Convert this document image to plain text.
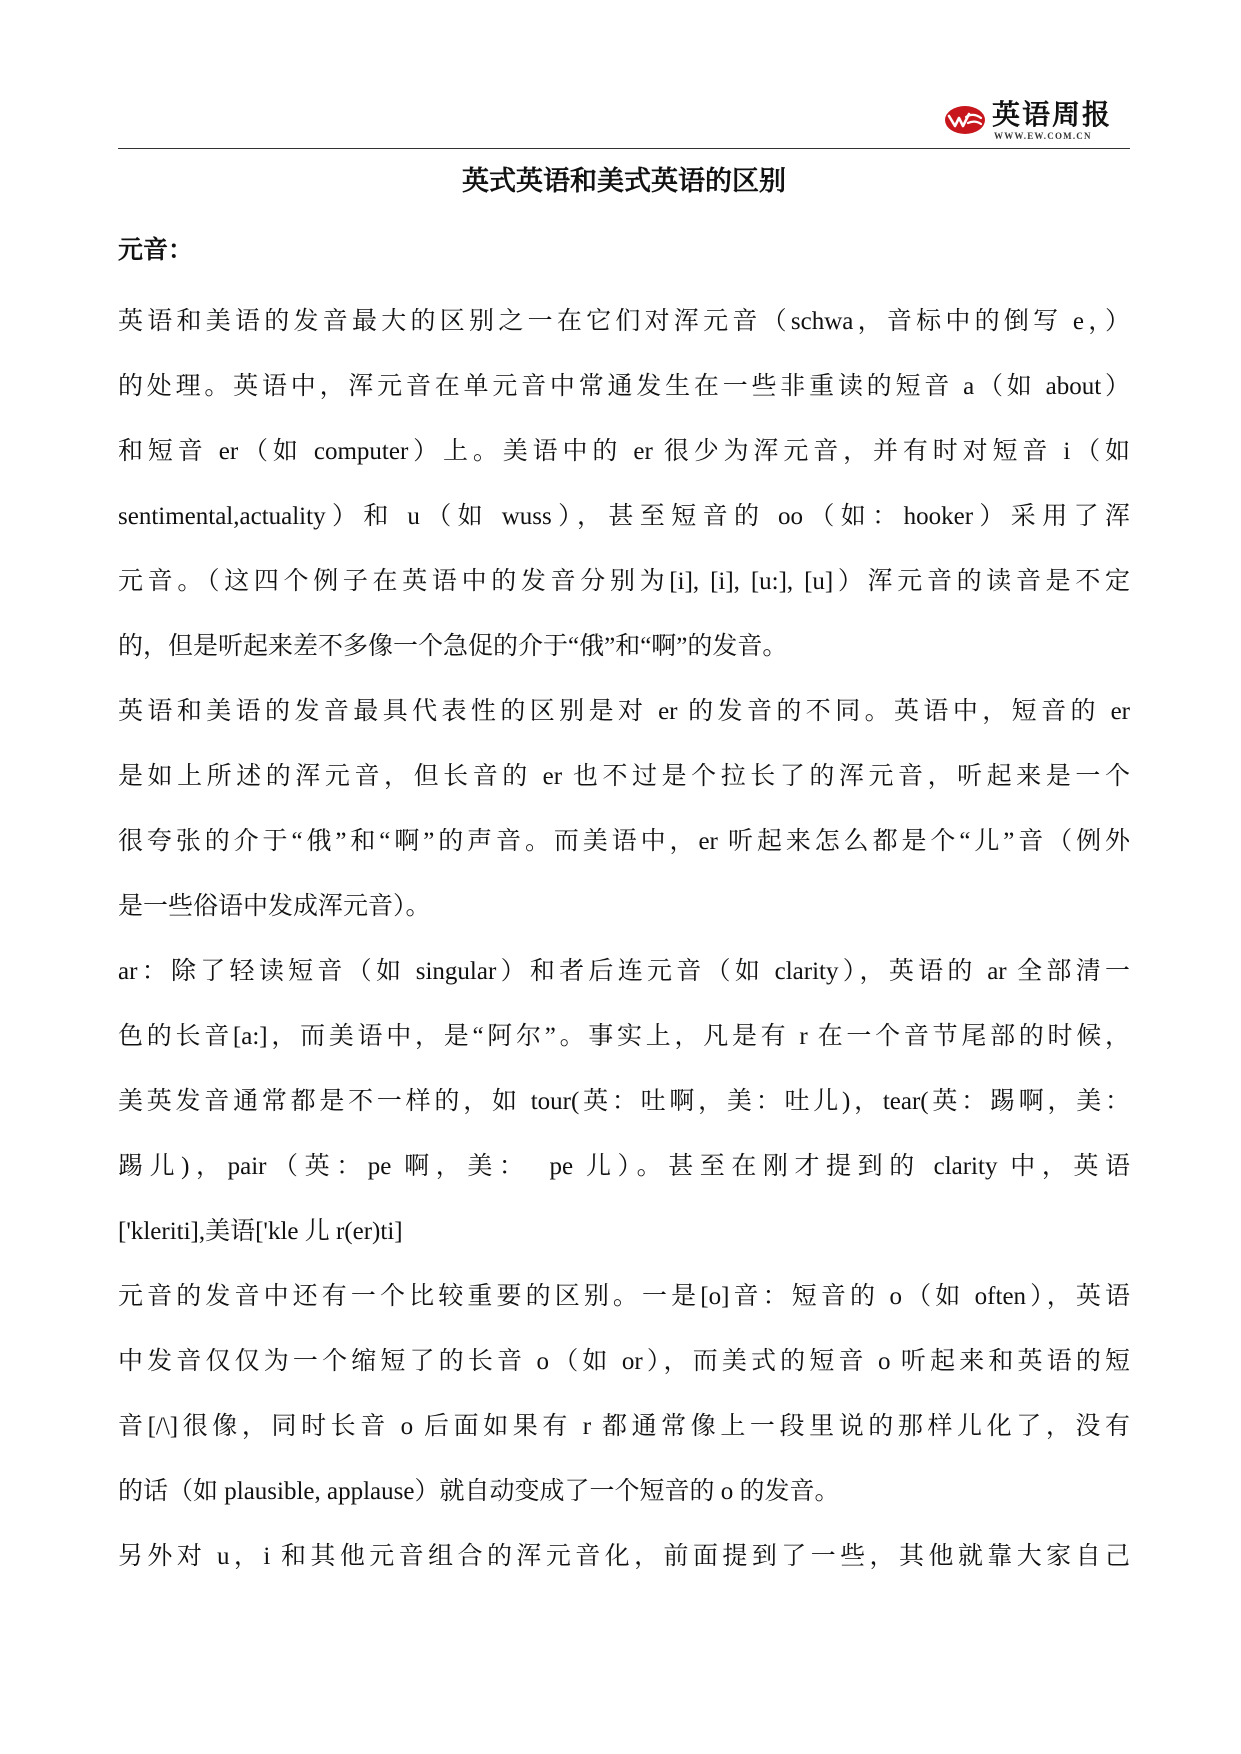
英语周报
WWW.EW.COM.CN
英式英语和美式英语的区别
元音：
英语和美语的发音最大的区别之一在它们对浑元音（schwa，音标中的倒写 e，）
的处理。英语中，浑元音在单元音中常通发生在一些非重读的短音 a（如 about）
和短音 er（如 computer）上。美语中的 er 很少为浑元音，并有时对短音 i（如
sentimental,actuality）和 u（如 wuss），甚至短音的 oo（如：hooker）采用了浑
元音。（这四个例子在英语中的发音分别为[i], [i], [u:], [u]）浑元音的读音是不定
的，但是听起来差不多像一个急促的介于“俄”和“啊”的发音。
英语和美语的发音最具代表性的区别是对 er 的发音的不同。英语中，短音的 er
是如上所述的浑元音，但长音的 er 也不过是个拉长了的浑元音，听起来是一个
很夸张的介于“俄”和“啊”的声音。而美语中，er 听起来怎么都是个“儿”音（例外
是一些俗语中发成浑元音）。
ar：除了轻读短音（如 singular）和者后连元音（如 clarity），英语的 ar 全部清一
色的长音[a:]，而美语中，是“阿尔”。事实上，凡是有 r 在一个音节尾部的时候，
美英发音通常都是不一样的，如 tour(英：吐啊，美：吐儿)，tear(英：踢啊，美：
踢儿)，pair（英：pe 啊，美：　pe 儿）。甚至在刚才提到的 clarity 中，英语
['kleriti],美语['kle 儿 r(er)ti]
元音的发音中还有一个比较重要的区别。一是[o]音：短音的 o（如 often），英语
中发音仅仅为一个缩短了的长音 o（如 or），而美式的短音 o 听起来和英语的短
音[/\]很像，同时长音 o 后面如果有 r 都通常像上一段里说的那样儿化了，没有
的话（如 plausible, applause）就自动变成了一个短音的 o 的发音。
另外对 u，i 和其他元音组合的浑元音化，前面提到了一些，其他就靠大家自己
